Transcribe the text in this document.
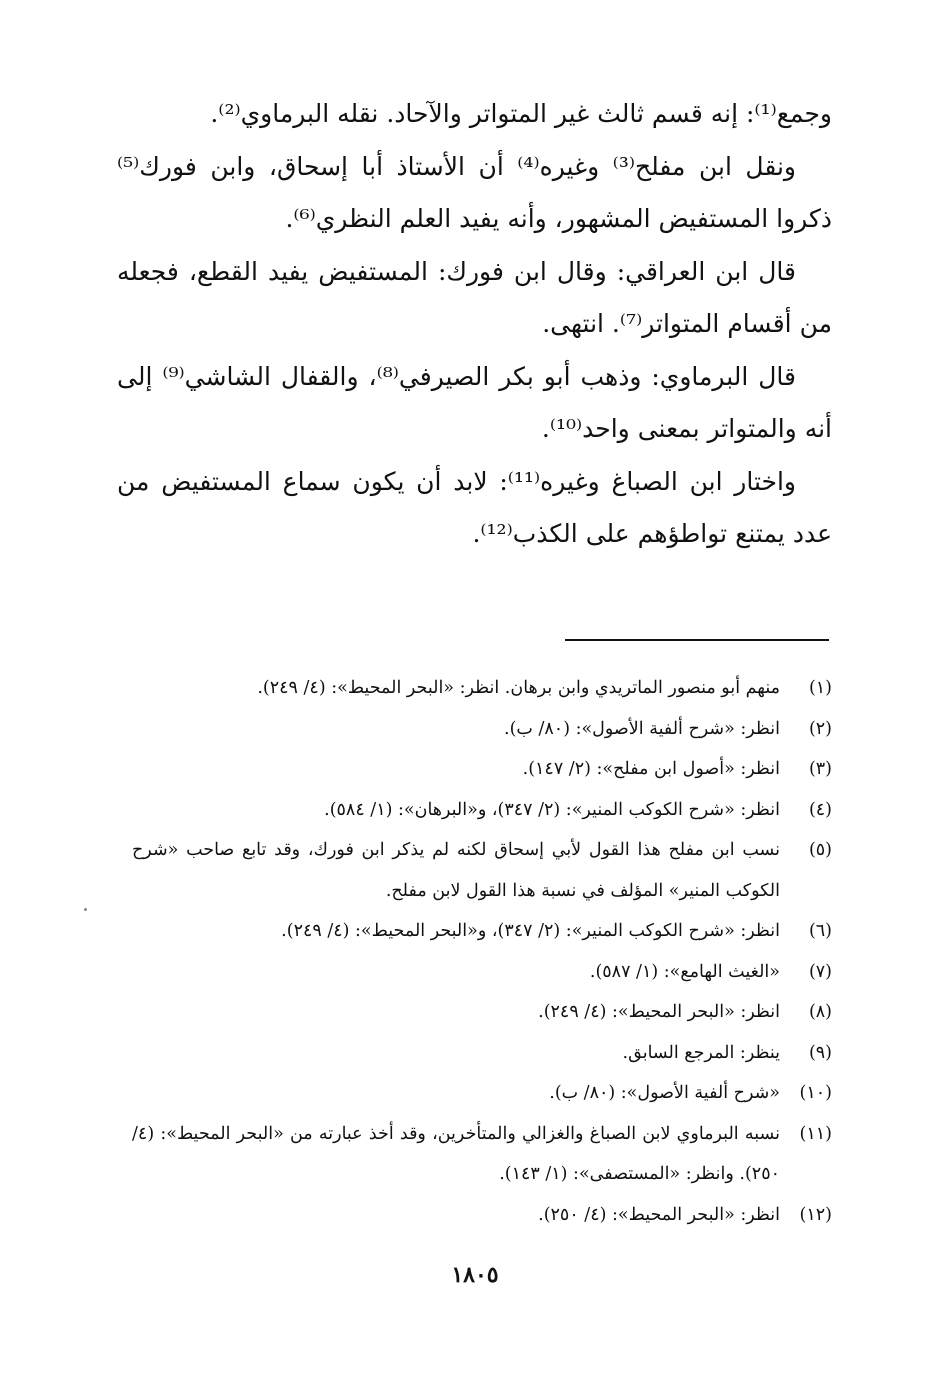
وجمع⁽¹⁾: إنه قسم ثالث غير المتواتر والآحاد. نقله البرماوي⁽²⁾.

ونقل ابن مفلح⁽³⁾ وغيره⁽⁴⁾ أن الأستاذ أبا إسحاق، وابن فورك⁽⁵⁾ ذكروا المستفيض المشهور، وأنه يفيد العلم النظري⁽⁶⁾.

قال ابن العراقي: وقال ابن فورك: المستفيض يفيد القطع، فجعله من أقسام المتواتر⁽⁷⁾. انتهى.

قال البرماوي: وذهب أبو بكر الصيرفي⁽⁸⁾، والقفال الشاشي⁽⁹⁾ إلى أنه والمتواتر بمعنى واحد⁽¹⁰⁾.

واختار ابن الصباغ وغيره⁽¹¹⁾: لابد أن يكون سماع المستفيض من عدد يمتنع تواطؤهم على الكذب⁽¹²⁾.

(١)
منهم أبو منصور الماتريدي وابن برهان. انظر: «البحر المحيط»: (٤/ ٢٤٩).
(٢)
انظر: «شرح ألفية الأصول»: (٨٠/ ب).
(٣)
انظر: «أصول ابن مفلح»: (٢/ ١٤٧).
(٤)
انظر: «شرح الكوكب المنير»: (٢/ ٣٤٧)، و«البرهان»: (١/ ٥٨٤).
(٥)
نسب ابن مفلح هذا القول لأبي إسحاق لكنه لم يذكر ابن فورك، وقد تابع صاحب «شرح الكوكب المنير» المؤلف في نسبة هذا القول لابن مفلح.
(٦)
انظر: «شرح الكوكب المنير»: (٢/ ٣٤٧)، و«البحر المحيط»: (٤/ ٢٤٩).
(٧)
«الغيث الهامع»: (١/ ٥٨٧).
(٨)
انظر: «البحر المحيط»: (٤/ ٢٤٩).
(٩)
ينظر: المرجع السابق.
(١٠)
«شرح ألفية الأصول»: (٨٠/ ب).
(١١)
نسبه البرماوي لابن الصباغ والغزالي والمتأخرين، وقد أخذ عبارته من «البحر المحيط»: (٤/ ٢٥٠). وانظر: «المستصفى»: (١/ ١٤٣).
(١٢)
انظر: «البحر المحيط»: (٤/ ٢٥٠).
١٨٠٥
